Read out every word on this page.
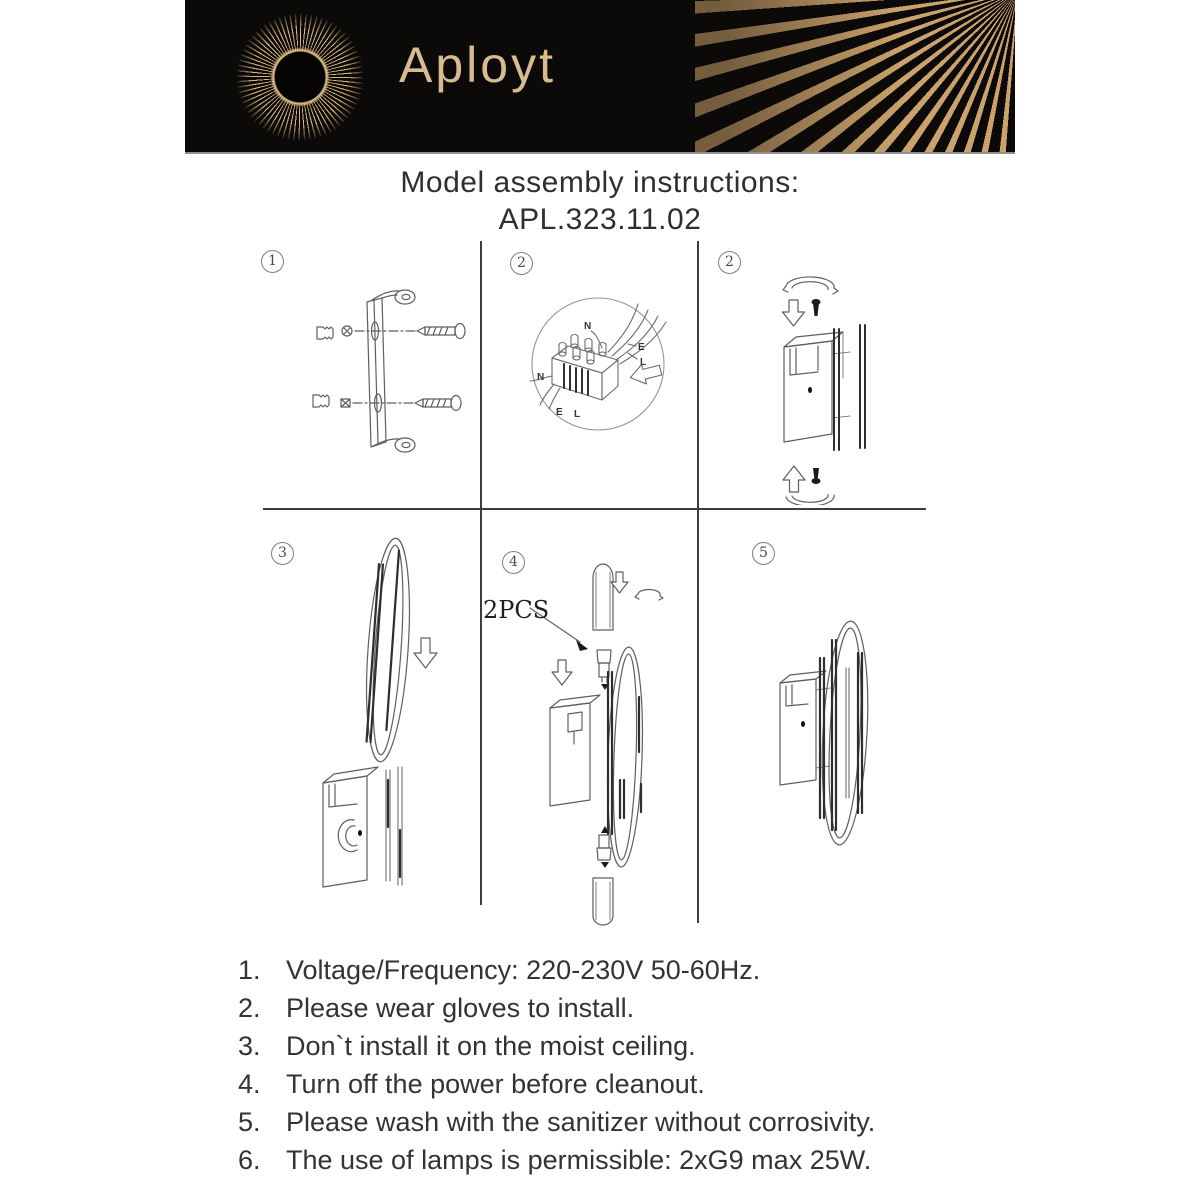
Aployt
Model assembly instructions:
APL.323.11.02
1	2	2
3
4
5
N
E
L
N
E L
2PCS
1. Voltage/Frequency: 220-230V 50-60Hz.
2. Please wear gloves to install.
3. Don`t install it on the moist ceiling.
4. Turn off the power before cleanout.
5. Please wash with the sanitizer without corrosivity.
6. The use of lamps is permissible: 2xG9 max 25W.
